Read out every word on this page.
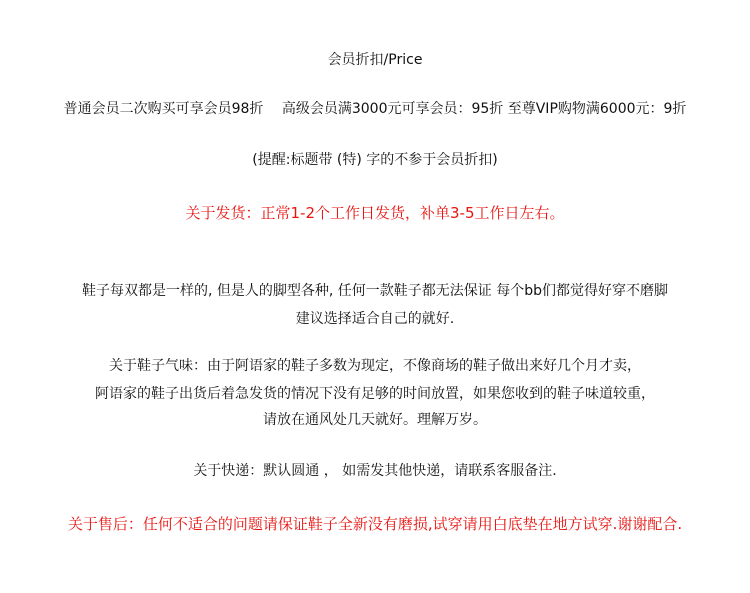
会员折扣/Price
普通会员二次购买可享会员98折　 高级会员满3000元可享会员：95折 至尊VIP购物满6000元：9折
(提醒:标题带 (特) 字的不参于会员折扣)
关于发货：正常1-2个工作日发货，补单3-5工作日左右。
鞋子每双都是一样的, 但是人的脚型各种, 任何一款鞋子都无法保证 每个bb们都觉得好穿不磨脚
建议选择适合自己的就好.
关于鞋子气味：由于阿语家的鞋子多数为现定，不像商场的鞋子做出来好几个月才卖，
阿语家的鞋子出货后着急发货的情况下没有足够的时间放置，如果您收到的鞋子味道较重，
请放在通风处几天就好。理解万岁。
关于快递：默认圆通 ， 如需发其他快递，请联系客服备注.
关于售后：任何不适合的问题请保证鞋子全新没有磨损,试穿请用白底垫在地方试穿.谢谢配合.
